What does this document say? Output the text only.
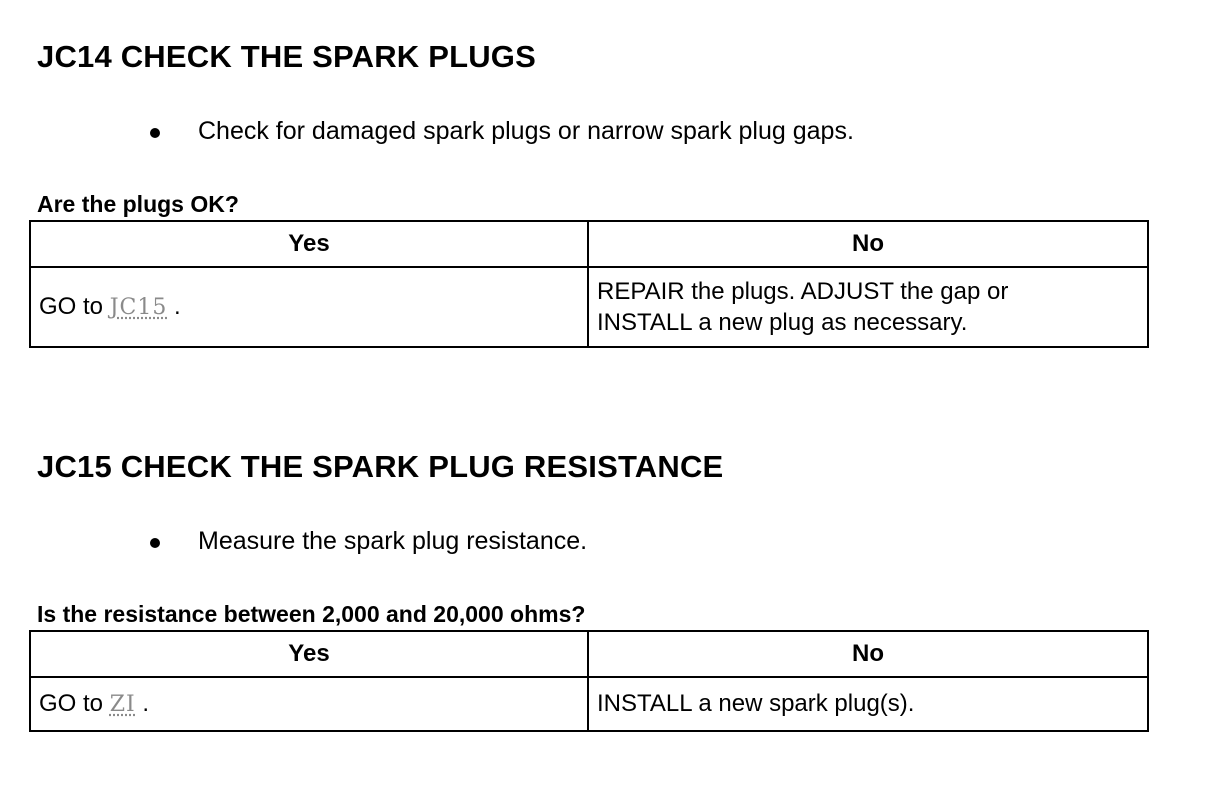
JC14 CHECK THE SPARK PLUGS
Check for damaged spark plugs or narrow spark plug gaps.
Are the plugs OK?
Yes	No
GO to JC15 .	REPAIR the plugs. ADJUST the gap or
INSTALL a new plug as necessary.
JC15 CHECK THE SPARK PLUG RESISTANCE
Measure the spark plug resistance.
Is the resistance between 2,000 and 20,000 ohms?
Yes	No
GO to ZI .	INSTALL a new spark plug(s).
